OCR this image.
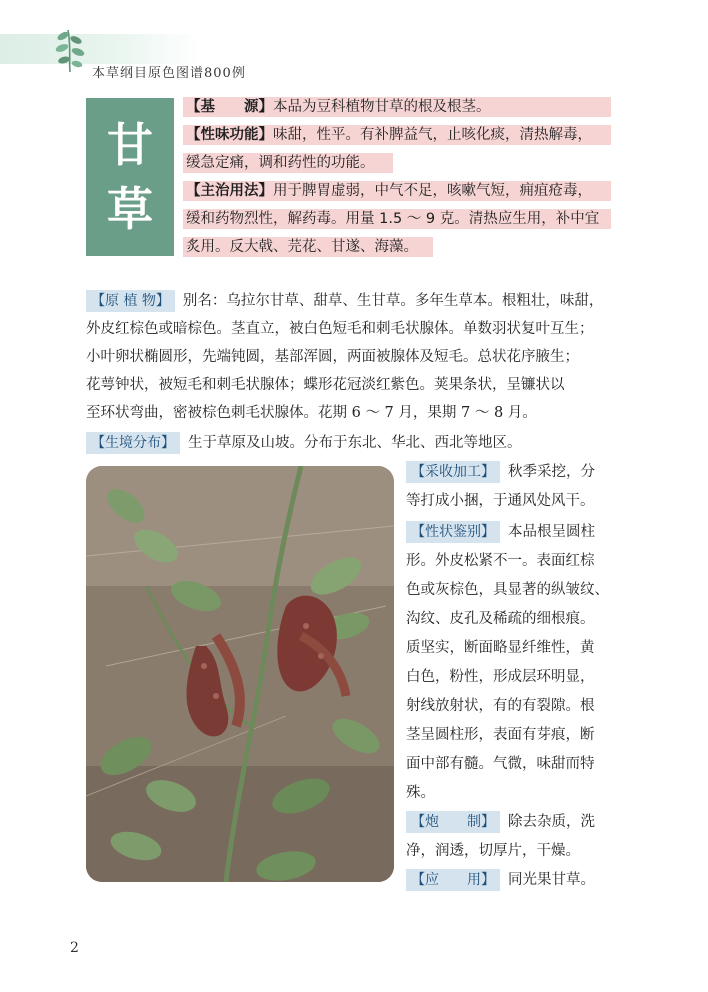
本草纲目原色图谱800例
甘
草
【基　　源】本品为豆科植物甘草的根及根茎。
【性味功能】味甜，性平。有补脾益气，止咳化痰，清热解毒，
缓急定痛，调和药性的功能。
【主治用法】用于脾胃虚弱，中气不足，咳嗽气短，痈疽疮毒，
缓和药物烈性，解药毒。用量 1.5 ～ 9 克。清热应生用，补中宜
炙用。反大戟、芫花、甘遂、海藻。
【原 植 物】 别名：乌拉尔甘草、甜草、生甘草。多年生草本。根粗壮，味甜，
外皮红棕色或暗棕色。茎直立，被白色短毛和刺毛状腺体。单数羽状复叶互生；
小叶卵状椭圆形，先端钝圆，基部浑圆，两面被腺体及短毛。总状花序腋生；
花萼钟状，被短毛和刺毛状腺体；蝶形花冠淡红紫色。荚果条状，呈镰状以
至环状弯曲，密被棕色刺毛状腺体。花期 6 ～ 7 月，果期 7 ～ 8 月。
【生境分布】 生于草原及山坡。分布于东北、华北、西北等地区。
【采收加工】 秋季采挖，分
等打成小捆，于通风处风干。
【性状鉴别】 本品根呈圆柱
形。外皮松紧不一。表面红棕
色或灰棕色，具显著的纵皱纹、
沟纹、皮孔及稀疏的细根痕。
质坚实，断面略显纤维性，黄
白色，粉性，形成层环明显，
射线放射状，有的有裂隙。根
茎呈圆柱形，表面有芽痕，断
面中部有髓。气微，味甜而特
殊。
【炮　　制】 除去杂质，洗
净，润透，切厚片，干燥。
【应　　用】 同光果甘草。
2
